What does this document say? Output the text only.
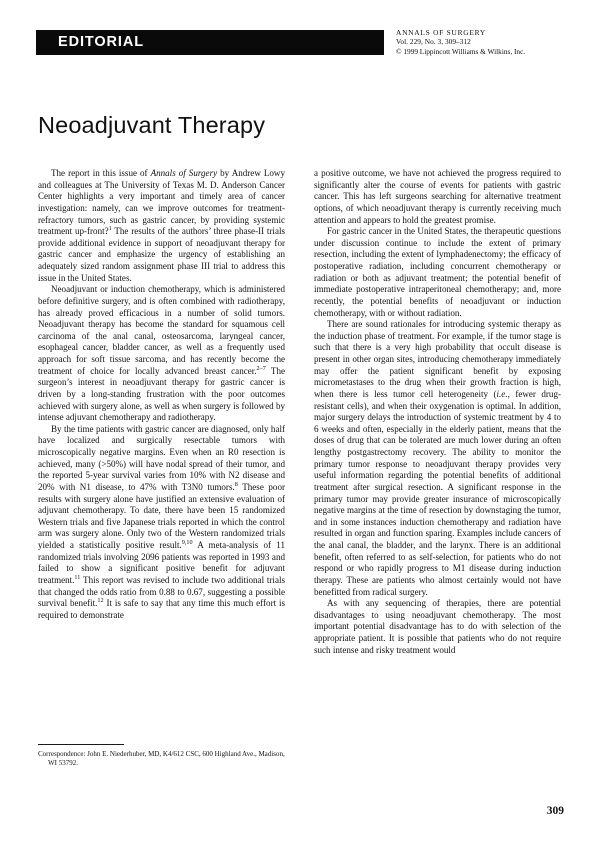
EDITORIAL
ANNALS OF SURGERY
Vol. 229, No. 3, 309–312
© 1999 Lippincott Williams & Wilkins, Inc.
Neoadjuvant Therapy

The report in this issue of Annals of Surgery by Andrew Lowy and colleagues at The University of Texas M. D. Anderson Cancer Center highlights a very important and timely area of cancer investigation: namely, can we improve outcomes for treatment-refractory tumors, such as gastric cancer, by providing systemic treatment up-front?$^1$ The results of the authors’ three phase-II trials provide additional evidence in support of neoadjuvant therapy for gastric cancer and emphasize the urgency of establishing an adequately sized random assignment phase III trial to address this issue in the United States.

Neoadjuvant or induction chemotherapy, which is administered before definitive surgery, and is often combined with radiotherapy, has already proved efficacious in a number of solid tumors. Neoadjuvant therapy has become the standard for squamous cell carcinoma of the anal canal, osteosarcoma, laryngeal cancer, esophageal cancer, bladder cancer, as well as a frequently used approach for soft tissue sarcoma, and has recently become the treatment of choice for locally advanced breast cancer.$^{2-7}$ The surgeon’s interest in neoadjuvant therapy for gastric cancer is driven by a long-standing frustration with the poor outcomes achieved with surgery alone, as well as when surgery is followed by intense adjuvant chemotherapy and radiotherapy.

By the time patients with gastric cancer are diagnosed, only half have localized and surgically resectable tumors with microscopically negative margins. Even when an R0 resection is achieved, many (>50%) will have nodal spread of their tumor, and the reported 5-year survival varies from 10% with N2 disease and 20% with N1 disease, to 47% with T3N0 tumors.$^8$ These poor results with surgery alone have justified an extensive evaluation of adjuvant chemotherapy. To date, there have been 15 randomized Western trials and five Japanese trials reported in which the control arm was surgery alone. Only two of the Western randomized trials yielded a statistically positive result.$^{9,10}$ A meta-analysis of 11 randomized trials involving 2096 patients was reported in 1993 and failed to show a significant positive benefit for adjuvant treatment.$^{11}$ This report was revised to include two additional trials that changed the odds ratio from 0.88 to 0.67, suggesting a possible survival benefit.$^{12}$ It is safe to say that any time this much effort is required to demonstrate

a positive outcome, we have not achieved the progress required to significantly alter the course of events for patients with gastric cancer. This has left surgeons searching for alternative treatment options, of which neoadjuvant therapy is currently receiving much attention and appears to hold the greatest promise.

For gastric cancer in the United States, the therapeutic questions under discussion continue to include the extent of primary resection, including the extent of lymphadenectomy; the efficacy of postoperative radiation, including concurrent chemotherapy or radiation or both as adjuvant treatment; the potential benefit of immediate postoperative intraperitoneal chemotherapy; and, more recently, the potential benefits of neoadjuvant or induction chemotherapy, with or without radiation.

There are sound rationales for introducing systemic therapy as the induction phase of treatment. For example, if the tumor stage is such that there is a very high probability that occult disease is present in other organ sites, introducing chemotherapy immediately may offer the patient significant benefit by exposing micrometastases to the drug when their growth fraction is high, when there is less tumor cell heterogeneity (i.e., fewer drug-resistant cells), and when their oxygenation is optimal. In addition, major surgery delays the introduction of systemic treatment by 4 to 6 weeks and often, especially in the elderly patient, means that the doses of drug that can be tolerated are much lower during an often lengthy postgastrectomy recovery. The ability to monitor the primary tumor response to neoadjuvant therapy provides very useful information regarding the potential benefits of additional treatment after surgical resection. A significant response in the primary tumor may provide greater insurance of microscopically negative margins at the time of resection by downstaging the tumor, and in some instances induction chemotherapy and radiation have resulted in organ and function sparing. Examples include cancers of the anal canal, the bladder, and the larynx. There is an additional benefit, often referred to as self-selection, for patients who do not respond or who rapidly progress to M1 disease during induction therapy. These are patients who almost certainly would not have benefitted from radical surgery.

As with any sequencing of therapies, there are potential disadvantages to using neoadjuvant chemotherapy. The most important potential disadvantage has to do with selection of the appropriate patient. It is possible that patients who do not require such intense and risky treatment would

Correspondence: John E. Niederhuber, MD, K4/612 CSC, 600 Highland Ave., Madison, WI 53792.

309
